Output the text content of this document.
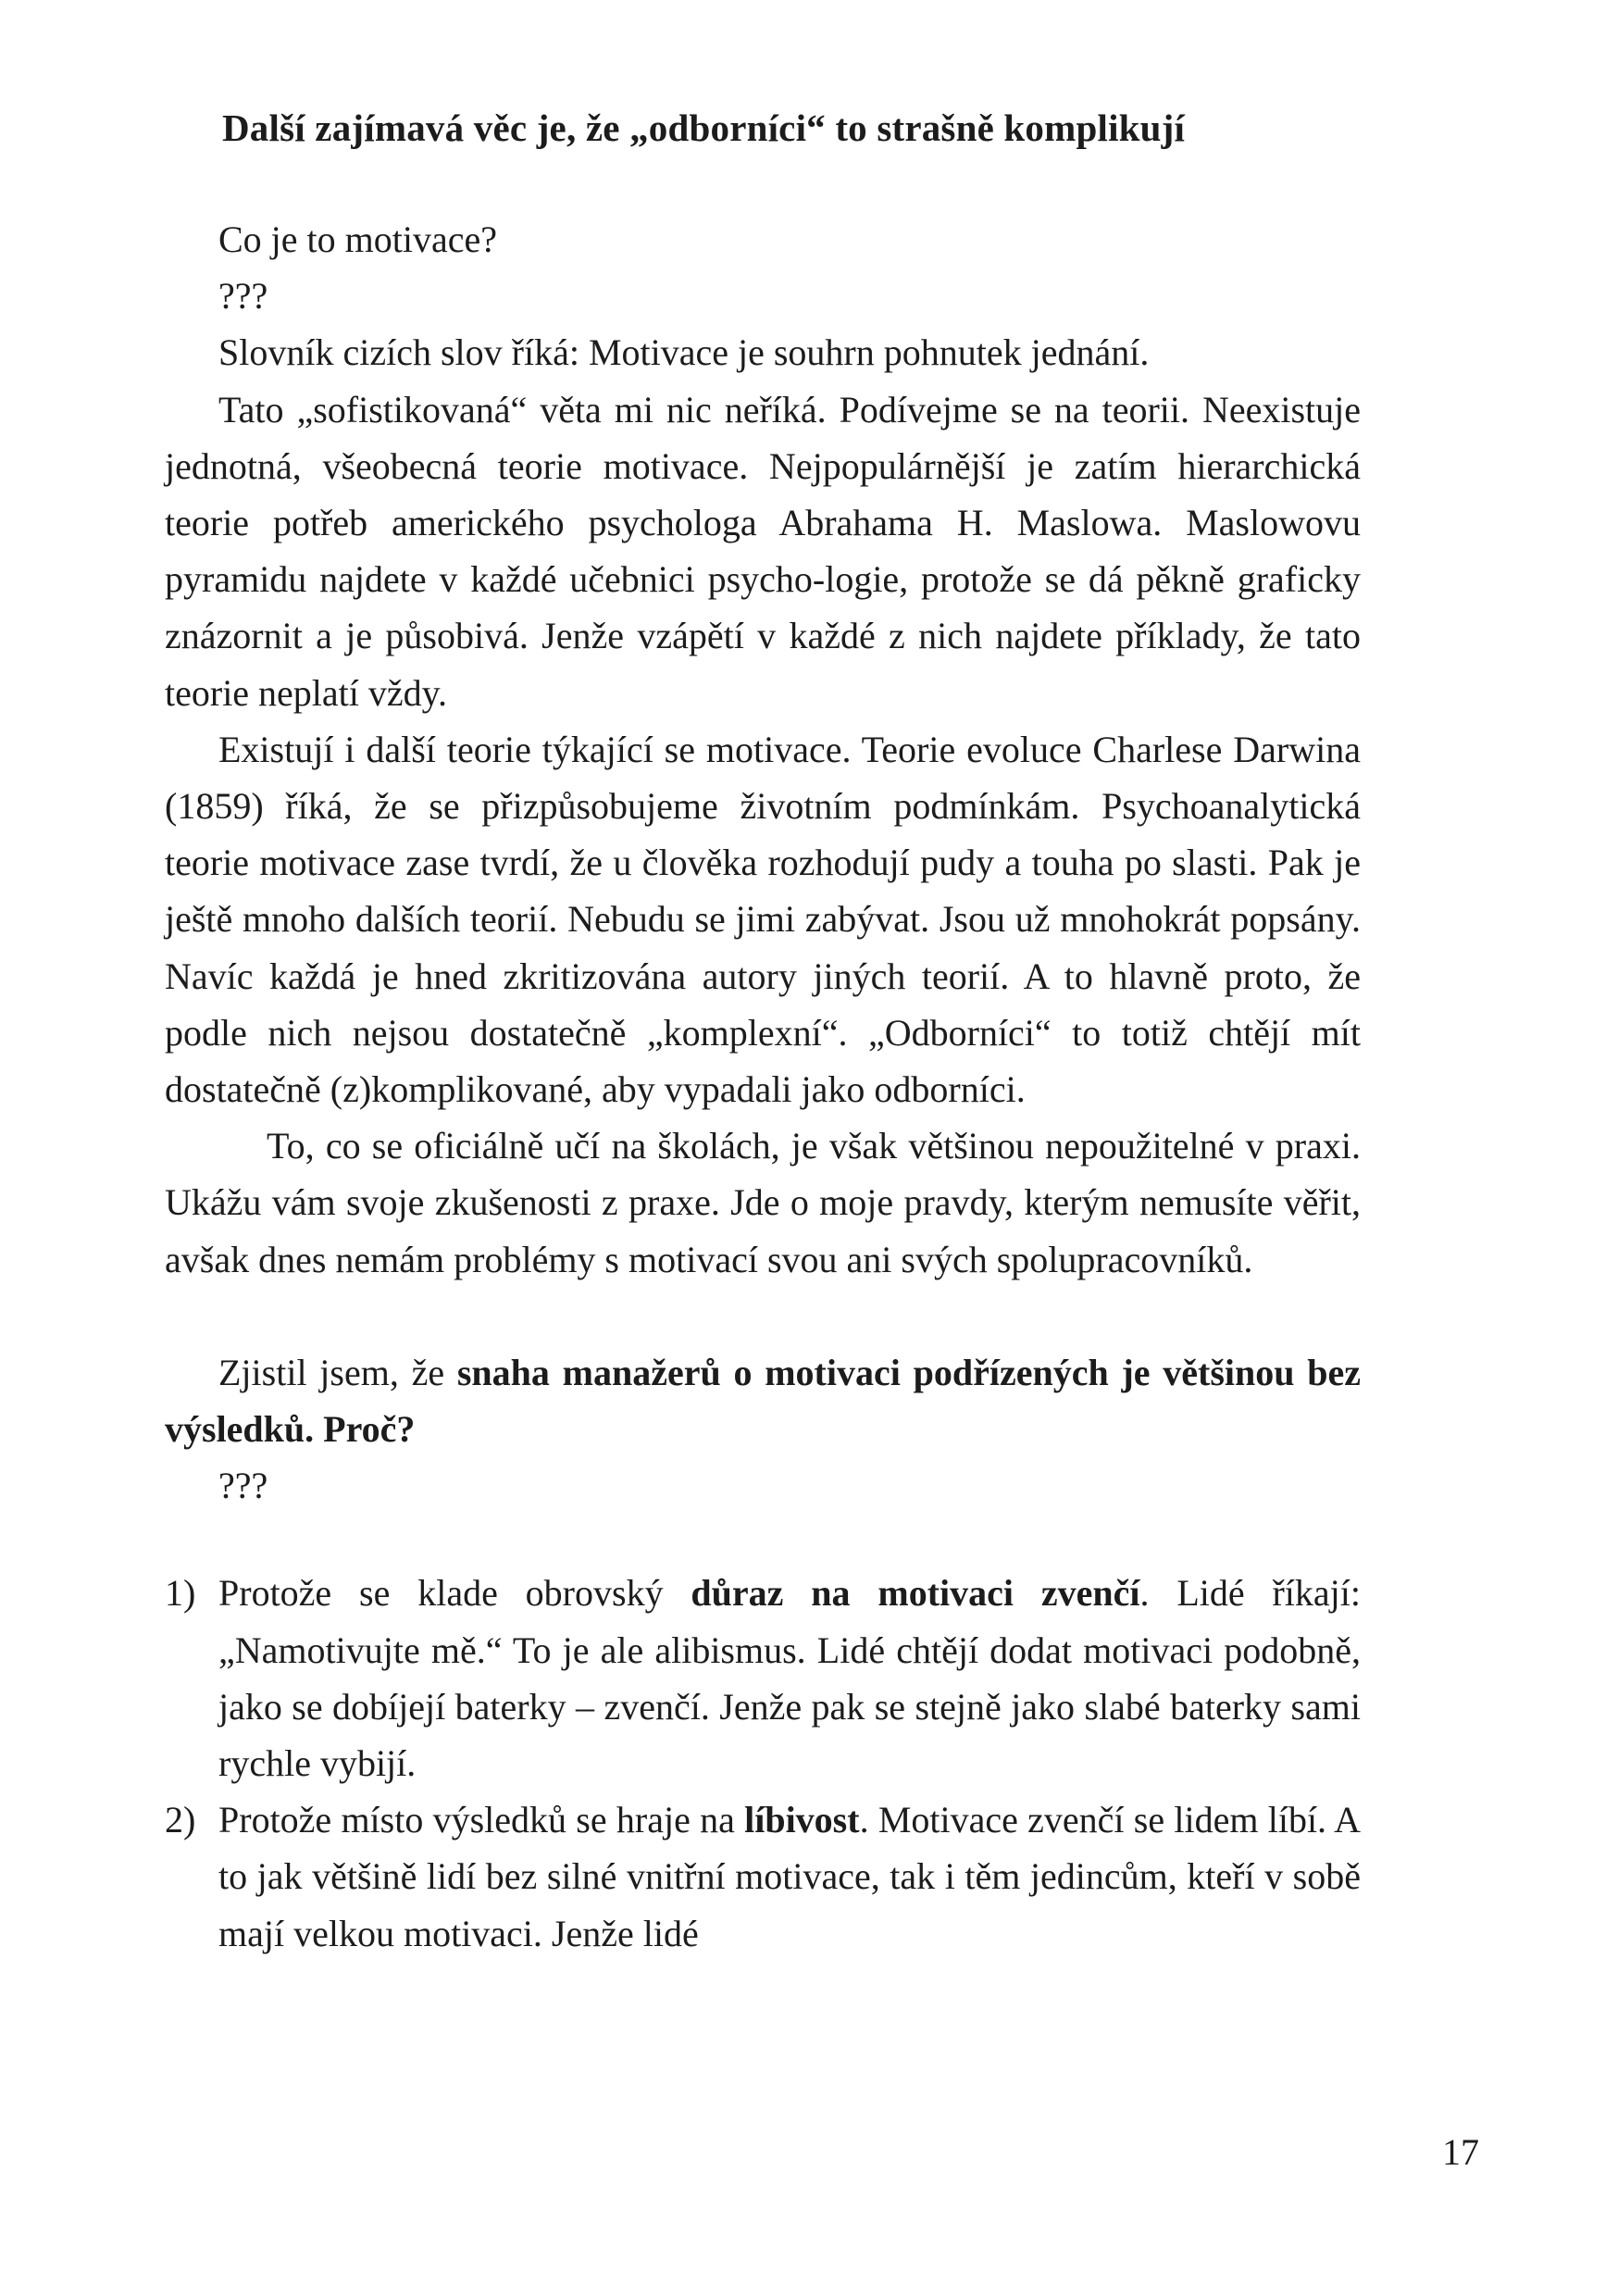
Další zajímavá věc je, že „odborníci“ to strašně komplikují

Co je to motivace?

???

Slovník cizích slov říká: Motivace je souhrn pohnutek jednání.

Tato „sofistikovaná“ věta mi nic neříká. Podívejme se na teorii. Neexistuje jednotná, všeobecná teorie motivace. Nejpopulárnější je zatím hierarchická teorie potřeb amerického psychologa Abrahama H. Maslowa. Maslowovu pyramidu najdete v každé učebnici psycho-logie, protože se dá pěkně graficky znázornit a je působivá. Jenže vzápětí v každé z nich najdete příklady, že tato teorie neplatí vždy.

Existují i další teorie týkající se motivace. Teorie evoluce Charlese Darwina (1859) říká, že se přizpůsobujeme životním podmínkám. Psychoanalytická teorie motivace zase tvrdí, že u člověka rozhodují pudy a touha po slasti. Pak je ještě mnoho dalších teorií. Nebudu se jimi zabývat. Jsou už mnohokrát popsány. Navíc každá je hned zkritizována autory jiných teorií. A to hlavně proto, že podle nich nejsou dostatečně „komplexní“. „Odborníci“ to totiž chtějí mít dostatečně (z)komplikované, aby vypadali jako odborníci.

To, co se oficiálně učí na školách, je však většinou nepoužitelné v praxi. Ukážu vám svoje zkušenosti z praxe. Jde o moje pravdy, kterým nemusíte věřit, avšak dnes nemám problémy s motivací svou ani svých spolupracovníků.

Zjistil jsem, že snaha manažerů o motivaci podřízených je většinou bez výsledků. Proč?

???

1) Protože se klade obrovský důraz na motivaci zvenčí. Lidé říkají: „Namotivujte mě.“ To je ale alibismus. Lidé chtějí dodat motivaci podobně, jako se dobíjejí baterky – zvenčí. Jenže pak se stejně jako slabé baterky sami rychle vybijí.
2) Protože místo výsledků se hraje na líbivost. Motivace zvenčí se lidem líbí. A to jak většině lidí bez silné vnitřní motivace, tak i těm jedincům, kteří v sobě mají velkou motivaci. Jenže lidé
17
